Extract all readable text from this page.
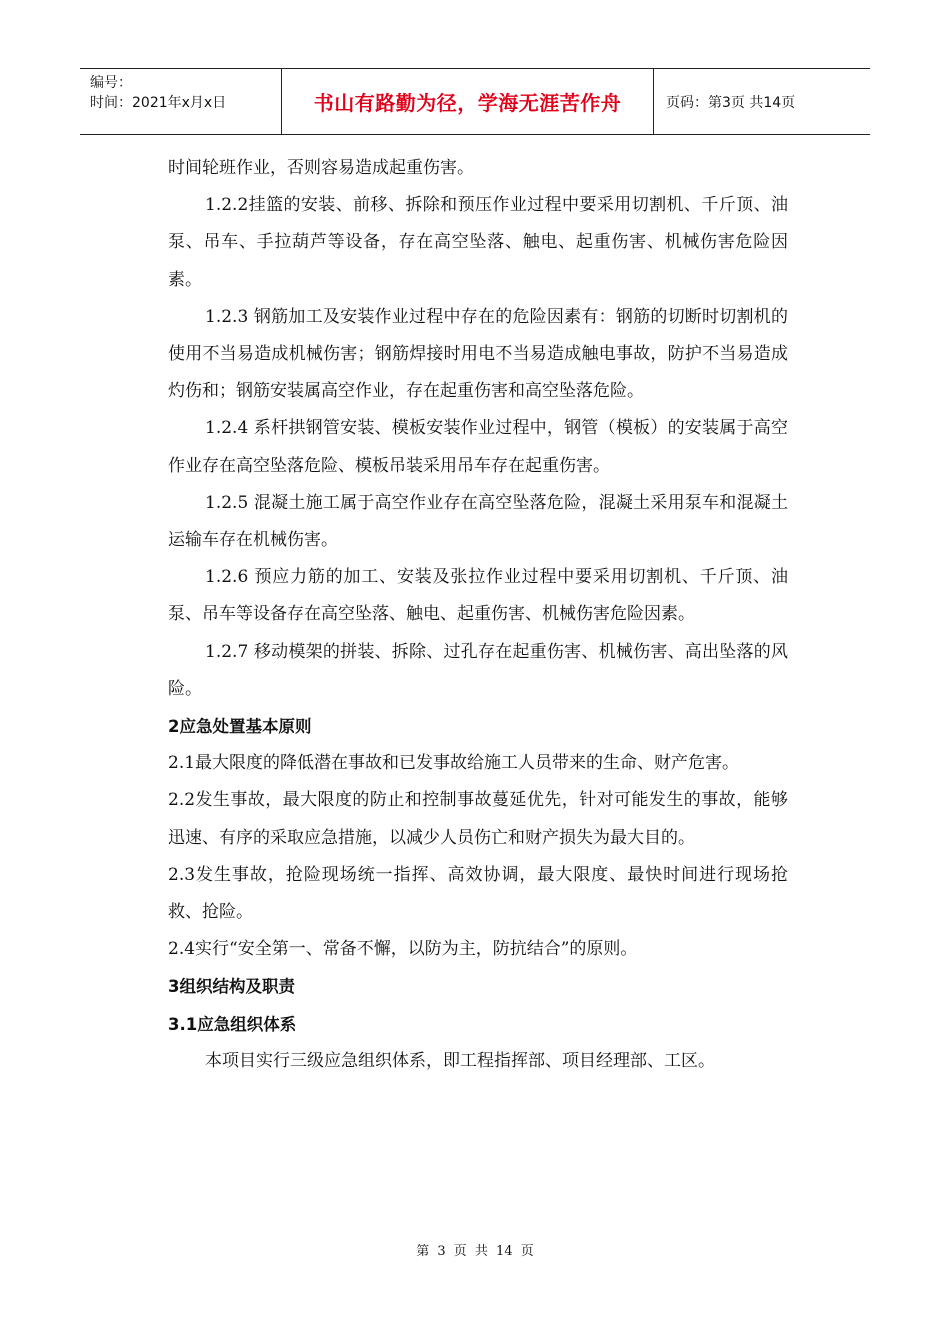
编号：
时间：2021年x月x日	书山有路勤为径，学海无涯苦作舟	页码：第3页 共14页

时间轮班作业，否则容易造成起重伤害。

1.2.2挂篮的安装、前移、拆除和预压作业过程中要采用切割机、千斤顶、油泵、吊车、手拉葫芦等设备，存在高空坠落、触电、起重伤害、机械伤害危险因素。

1.2.3 钢筋加工及安装作业过程中存在的危险因素有：钢筋的切断时切割机的使用不当易造成机械伤害；钢筋焊接时用电不当易造成触电事故，防护不当易造成灼伤和；钢筋安装属高空作业，存在起重伤害和高空坠落危险。

1.2.4 系杆拱钢管安装、模板安装作业过程中，钢管（模板）的安装属于高空作业存在高空坠落危险、模板吊装采用吊车存在起重伤害。

1.2.5 混凝土施工属于高空作业存在高空坠落危险，混凝土采用泵车和混凝土运输车存在机械伤害。

1.2.6 预应力筋的加工、安装及张拉作业过程中要采用切割机、千斤顶、油泵、吊车等设备存在高空坠落、触电、起重伤害、机械伤害危险因素。

1.2.7 移动模架的拼装、拆除、过孔存在起重伤害、机械伤害、高出坠落的风险。

2应急处置基本原则

2.1最大限度的降低潜在事故和已发事故给施工人员带来的生命、财产危害。

2.2发生事故，最大限度的防止和控制事故蔓延优先，针对可能发生的事故，能够迅速、有序的采取应急措施，以减少人员伤亡和财产损失为最大目的。

2.3发生事故，抢险现场统一指挥、高效协调，最大限度、最快时间进行现场抢救、抢险。

2.4实行“安全第一、常备不懈，以防为主，防抗结合”的原则。

3组织结构及职责

3.1应急组织体系

本项目实行三级应急组织体系，即工程指挥部、项目经理部、工区。

第 3 页 共 14 页
